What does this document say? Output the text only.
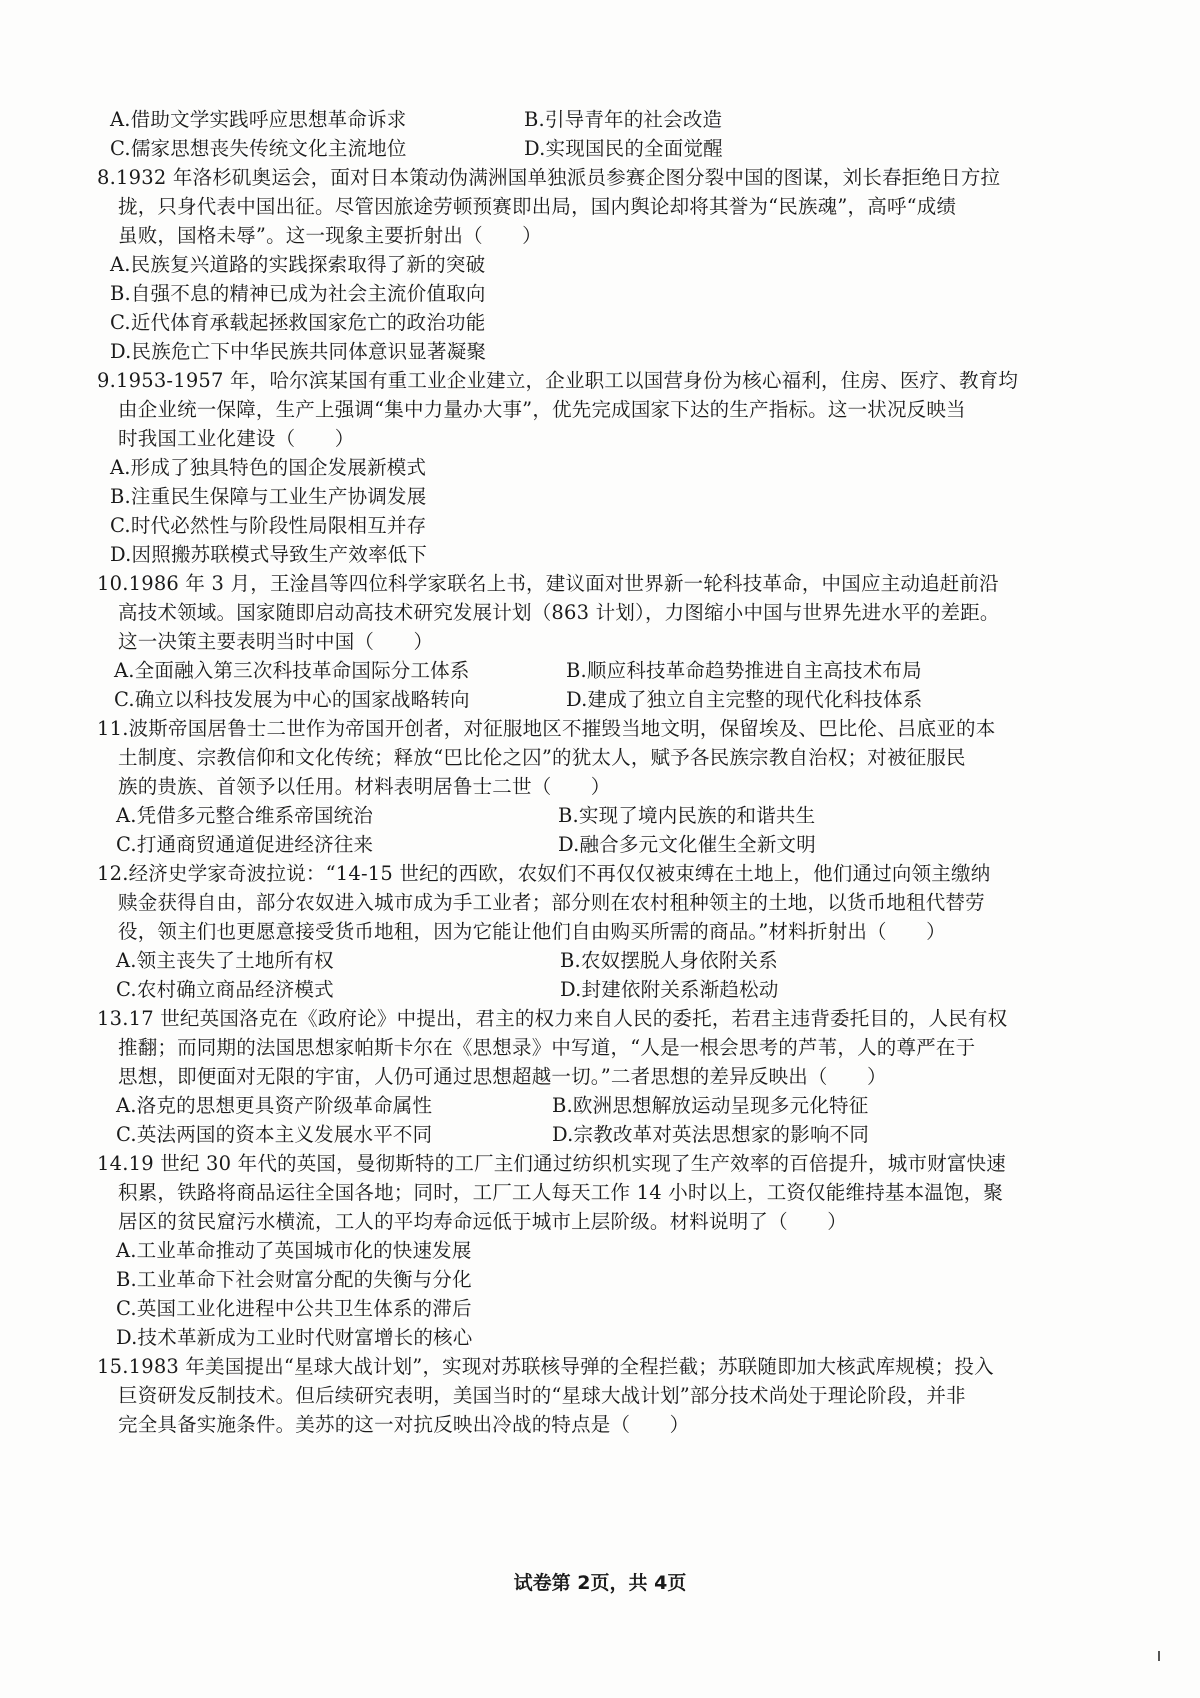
A.借助文学实践呼应思想革命诉求	B.引导青年的社会改造
C.儒家思想丧失传统文化主流地位	D.实现国民的全面觉醒
8.1932 年洛杉矶奥运会，面对日本策动伪满洲国单独派员参赛企图分裂中国的图谋，刘长春拒绝日方拉
拢，只身代表中国出征。尽管因旅途劳顿预赛即出局，国内舆论却将其誉为“民族魂”，高呼“成绩
虽败，国格未辱”。这一现象主要折射出（　　）
A.民族复兴道路的实践探索取得了新的突破
B.自强不息的精神已成为社会主流价值取向
C.近代体育承载起拯救国家危亡的政治功能
D.民族危亡下中华民族共同体意识显著凝聚
9.1953-1957 年，哈尔滨某国有重工业企业建立，企业职工以国营身份为核心福利，住房、医疗、教育均
由企业统一保障，生产上强调“集中力量办大事”，优先完成国家下达的生产指标。这一状况反映当
时我国工业化建设（　　）
A.形成了独具特色的国企发展新模式
B.注重民生保障与工业生产协调发展
C.时代必然性与阶段性局限相互并存
D.因照搬苏联模式导致生产效率低下
10.1986 年 3 月，王淦昌等四位科学家联名上书，建议面对世界新一轮科技革命，中国应主动追赶前沿
高技术领域。国家随即启动高技术研究发展计划（863 计划），力图缩小中国与世界先进水平的差距。
这一决策主要表明当时中国（　　）
A.全面融入第三次科技革命国际分工体系	B.顺应科技革命趋势推进自主高技术布局
C.确立以科技发展为中心的国家战略转向	D.建成了独立自主完整的现代化科技体系
11.波斯帝国居鲁士二世作为帝国开创者，对征服地区不摧毁当地文明，保留埃及、巴比伦、吕底亚的本
土制度、宗教信仰和文化传统；释放“巴比伦之囚”的犹太人，赋予各民族宗教自治权；对被征服民
族的贵族、首领予以任用。材料表明居鲁士二世（　　）
A.凭借多元整合维系帝国统治	B.实现了境内民族的和谐共生
C.打通商贸通道促进经济往来	D.融合多元文化催生全新文明
12.经济史学家奇波拉说：“14-15 世纪的西欧，农奴们不再仅仅被束缚在土地上，他们通过向领主缴纳
赎金获得自由，部分农奴进入城市成为手工业者；部分则在农村租种领主的土地，以货币地租代替劳
役，领主们也更愿意接受货币地租，因为它能让他们自由购买所需的商品。”材料折射出（　　）
A.领主丧失了土地所有权	B.农奴摆脱人身依附关系
C.农村确立商品经济模式	D.封建依附关系渐趋松动
13.17 世纪英国洛克在《政府论》中提出，君主的权力来自人民的委托，若君主违背委托目的，人民有权
推翻；而同期的法国思想家帕斯卡尔在《思想录》中写道，“人是一根会思考的芦苇，人的尊严在于
思想，即便面对无限的宇宙，人仍可通过思想超越一切。”二者思想的差异反映出（　　）
A.洛克的思想更具资产阶级革命属性	B.欧洲思想解放运动呈现多元化特征
C.英法两国的资本主义发展水平不同	D.宗教改革对英法思想家的影响不同
14.19 世纪 30 年代的英国，曼彻斯特的工厂主们通过纺织机实现了生产效率的百倍提升，城市财富快速
积累，铁路将商品运往全国各地；同时，工厂工人每天工作 14 小时以上，工资仅能维持基本温饱，聚
居区的贫民窟污水横流，工人的平均寿命远低于城市上层阶级。材料说明了（　　）
A.工业革命推动了英国城市化的快速发展
B.工业革命下社会财富分配的失衡与分化
C.英国工业化进程中公共卫生体系的滞后
D.技术革新成为工业时代财富增长的核心
15.1983 年美国提出“星球大战计划”，实现对苏联核导弹的全程拦截；苏联随即加大核武库规模；投入
巨资研发反制技术。但后续研究表明，美国当时的“星球大战计划”部分技术尚处于理论阶段，并非
完全具备实施条件。美苏的这一对抗反映出冷战的特点是（　　）
试卷第 2页，共 4页
